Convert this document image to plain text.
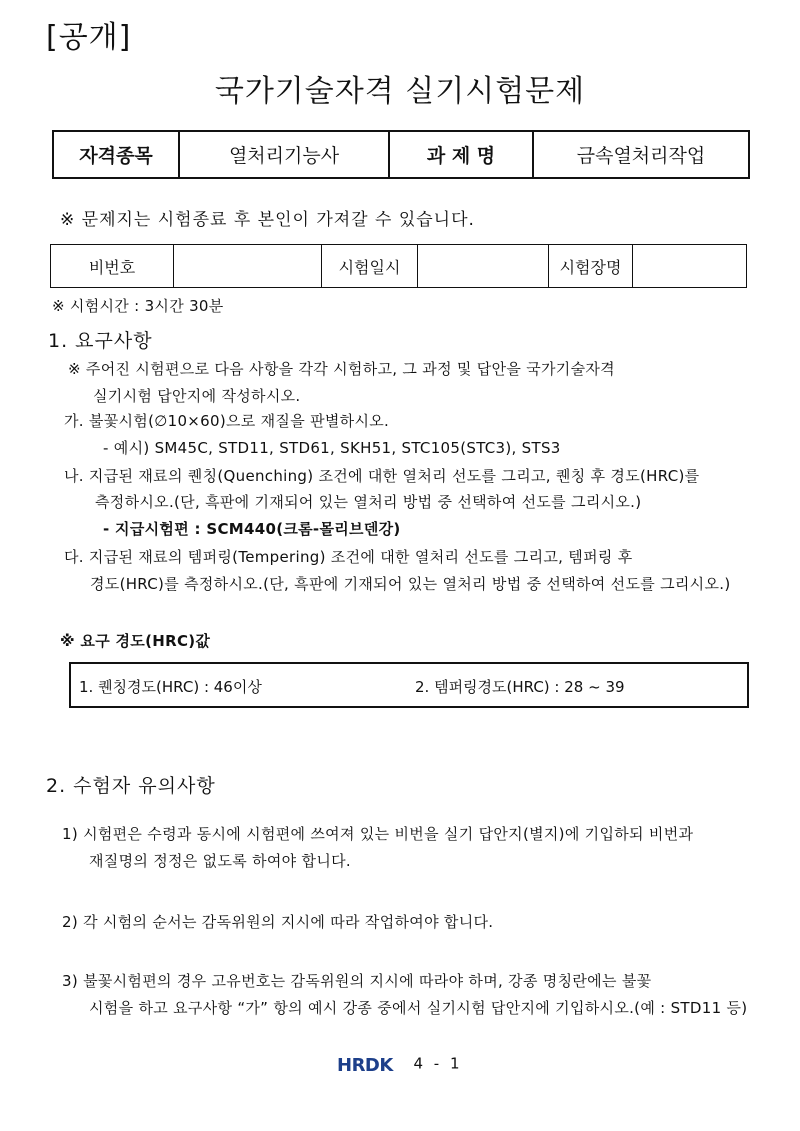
[공개]
국가기술자격 실기시험문제
자격종목	열처리기능사	과 제 명	금속열처리작업
※ 문제지는 시험종료 후 본인이 가져갈 수 있습니다.
비번호		시험일시		시험장명	
※ 시험시간 : 3시간 30분
1. 요구사항
※ 주어진 시험편으로 다음 사항을 각각 시험하고, 그 과정 및 답안을 국가기술자격
실기시험 답안지에 작성하시오.
가. 불꽃시험(∅10×60)으로 재질을 판별하시오.
- 예시) SM45C, STD11, STD61, SKH51, STC105(STC3), STS3
나. 지급된 재료의 퀜칭(Quenching) 조건에 대한 열처리 선도를 그리고, 퀜칭 후 경도(HRC)를
측정하시오.(단, 흑판에 기재되어 있는 열처리 방법 중 선택하여 선도를 그리시오.)
- 지급시험편 : SCM440(크롬-몰리브덴강)
다. 지급된 재료의 템퍼링(Tempering) 조건에 대한 열처리 선도를 그리고, 템퍼링 후
경도(HRC)를 측정하시오.(단, 흑판에 기재되어 있는 열처리 방법 중 선택하여 선도를 그리시오.)
※ 요구 경도(HRC)값
1. 퀜칭경도(HRC) : 46이상	2. 템퍼링경도(HRC) : 28 ~ 39
2. 수험자 유의사항
1) 시험편은 수령과 동시에 시험편에 쓰여져 있는 비번을 실기 답안지(별지)에 기입하되 비번과
재질명의 정정은 없도록 하여야 합니다.
2) 각 시험의 순서는 감독위원의 지시에 따라 작업하여야 합니다.
3) 불꽃시험편의 경우 고유번호는 감독위원의 지시에 따라야 하며, 강종 명칭란에는 불꽃
시험을 하고 요구사항 “가” 항의 예시 강종 중에서 실기시험 답안지에 기입하시오.(예 : STD11 등)
HRDK 4 - 1
